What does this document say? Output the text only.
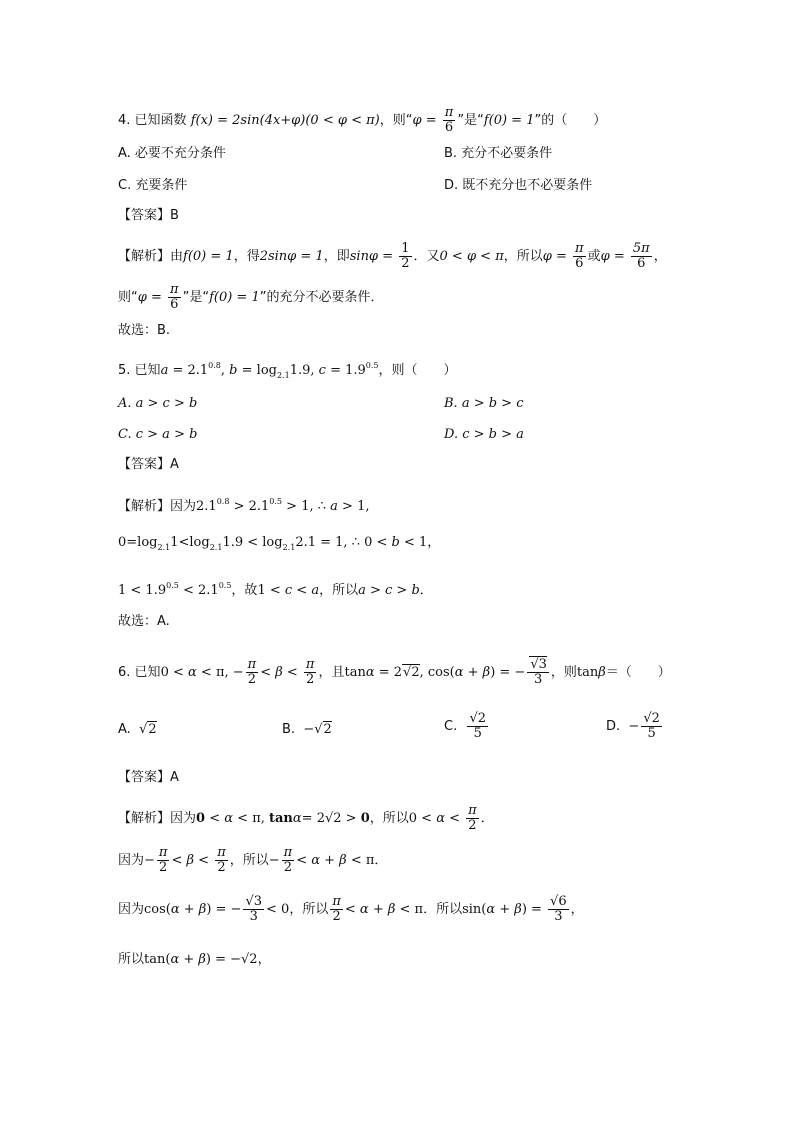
4. 已知函数 f(x) = 2sin(4x+φ)(0 < φ < π)，则“$\varphi = \frac{\pi}{6}$ ”是“f(0) = 1”的（　　）
A. 必要不充分条件	B. 充分不必要条件
C. 充要条件	D. 既不充分也不必要条件
【答案】B
【解析】由f(0) = 1，得2sinφ = 1，即$\sin\varphi = \frac{1}{2}$ ．又0 < φ < π，所以$\varphi = \frac{\pi}{6}$ 或$\varphi = \frac{5\pi}{6}$ ，
则“$\varphi = \frac{\pi}{6}$ ”是“f(0) = 1”的充分不必要条件．
故选：B.
5. 已知$a = 2.1^{0.8}$, $b = \log_{2.1}1.9$, $c = 1.9^{0.5}$，则（　　）
A. a > c > b	B. a > b > c
C. c > a > b	D. c > b > a
【答案】A
【解析】因为$2.1^{0.8} > 2.1^{0.5} > 1$, ∴ a > 1,
$0=\log_{2.1}1<\log_{2.1}1.9 < \log_{2.1}2.1 = 1$, ∴ 0 < b < 1，
$1 < 1.9^{0.5} < 2.1^{0.5}$，故1 < c < a，所以a > c > b．
故选：A.
6. 已知0 < α < π, − $\frac{\pi}{2} < \beta < \frac{\pi}{2}$ ，且tanα = 2√2, cos(α + β) = − $\frac{√3}{3}$ ，则tanβ＝（　　）
A. √2	B. −√2	C. $\frac{√2}{5}$	D. − $\frac{√2}{5}$
【答案】A
【解析】因为0 < α < π, tanα= 2√2 > 0，所以$0 < \alpha < \frac{\pi}{2}$ ．
因为− $\frac{\pi}{2} < \beta < \frac{\pi}{2}$ ，所以− $\frac{\pi}{2} < \alpha + \beta < \pi$．
因为cos(α + β) = − $\frac{√3}{3} < 0$，所以 $\frac{\pi}{2} < \alpha + \beta < \pi$．所以$\sin(\alpha + \beta) = \frac{√6}{3}$ ，
所以tan(α + β) = −√2，
